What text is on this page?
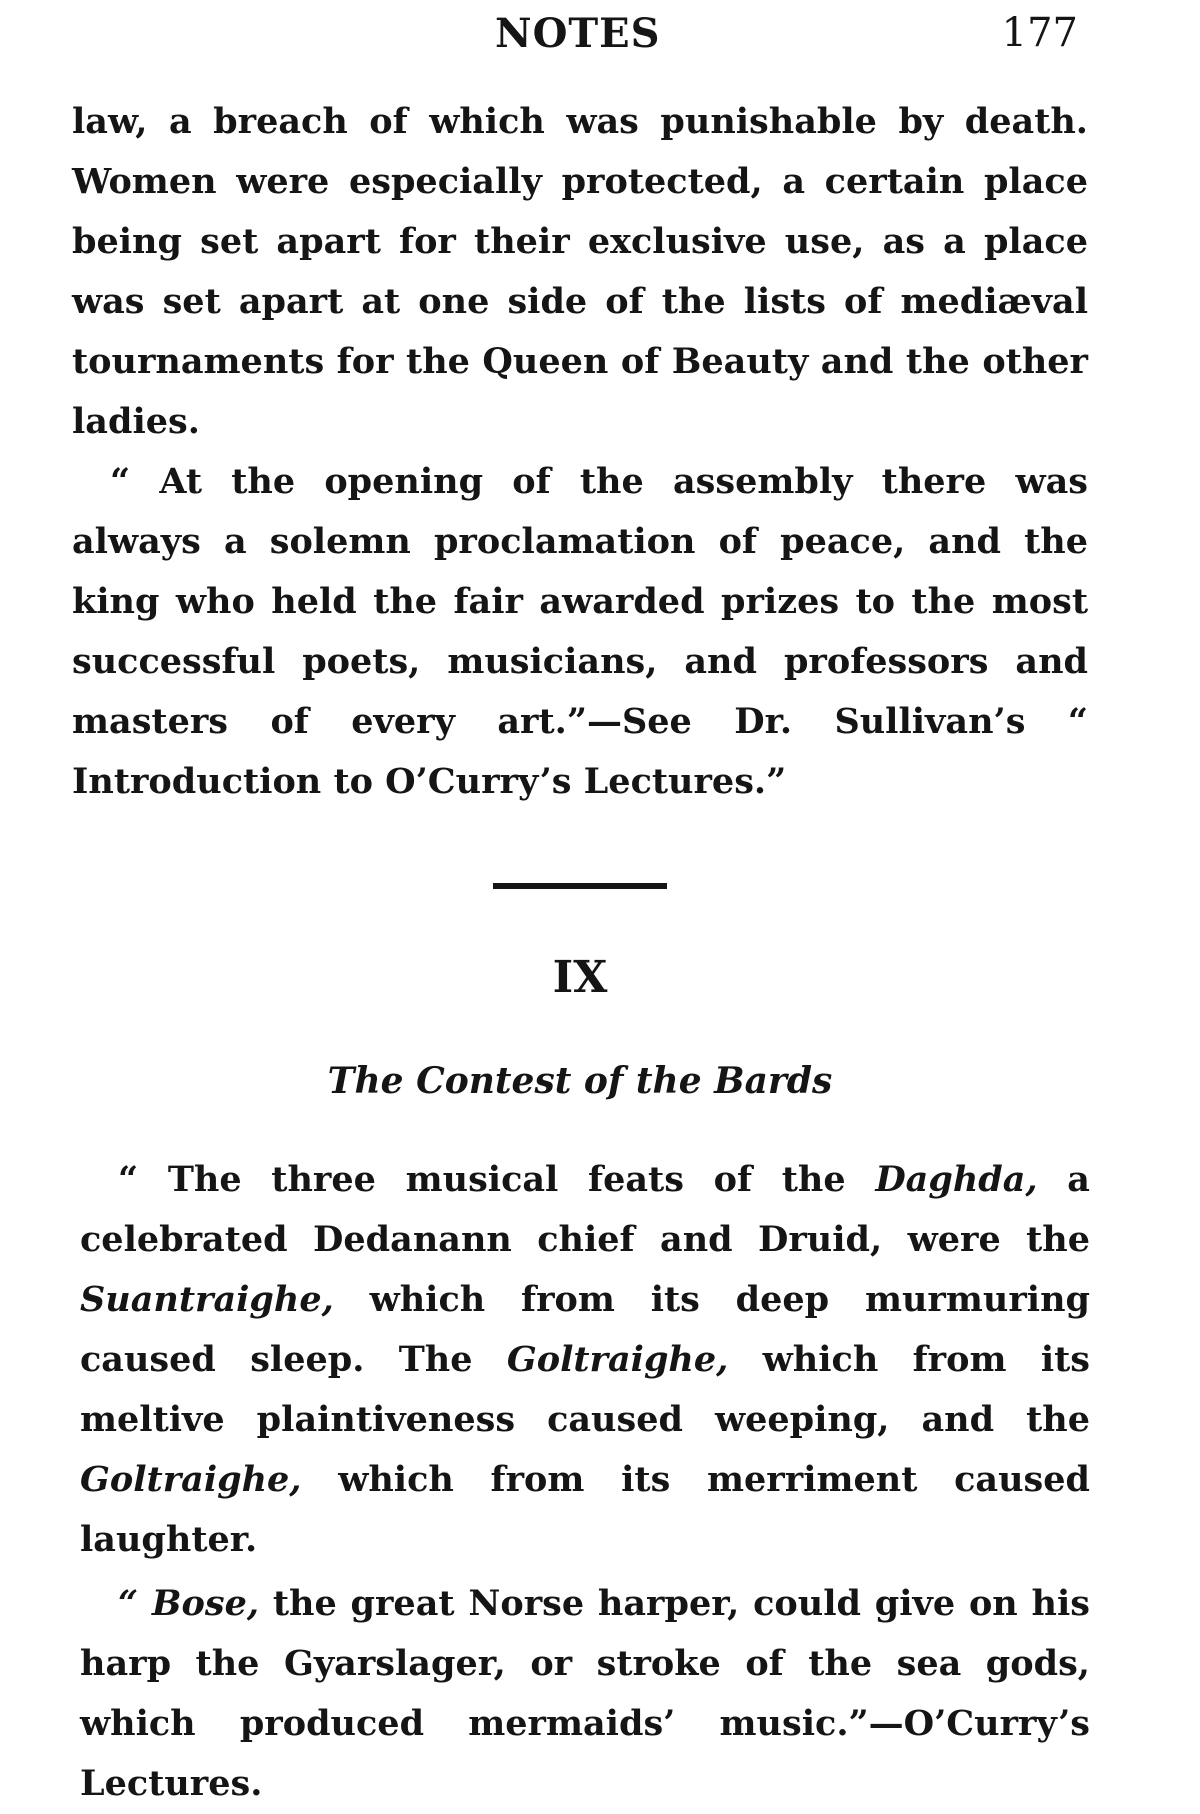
NOTES	177

law, a breach of which was punishable by death. Women were especially protected, a certain place being set apart for their exclusive use, as a place was set apart at one side of the lists of mediæval tournaments for the Queen of Beauty and the other ladies.

“ At the opening of the assembly there was always a solemn proclamation of peace, and the king who held the fair awarded prizes to the most successful poets, musicians, and professors and masters of every art.”—See Dr. Sullivan’s “ Introduction to O’Curry’s Lectures.”

IX
The Contest of the Bards

“ The three musical feats of the Daghda, a celebrated Dedanann chief and Druid, were the Suantraighe, which from its deep murmuring caused sleep. The Goltraighe, which from its meltive plaintiveness caused weeping, and the Goltraighe, which from its merriment caused laughter.

“ Bose, the great Norse harper, could give on his harp the Gyarslager, or stroke of the sea gods, which produced mermaids’ music.”—O’Curry’s Lectures.
